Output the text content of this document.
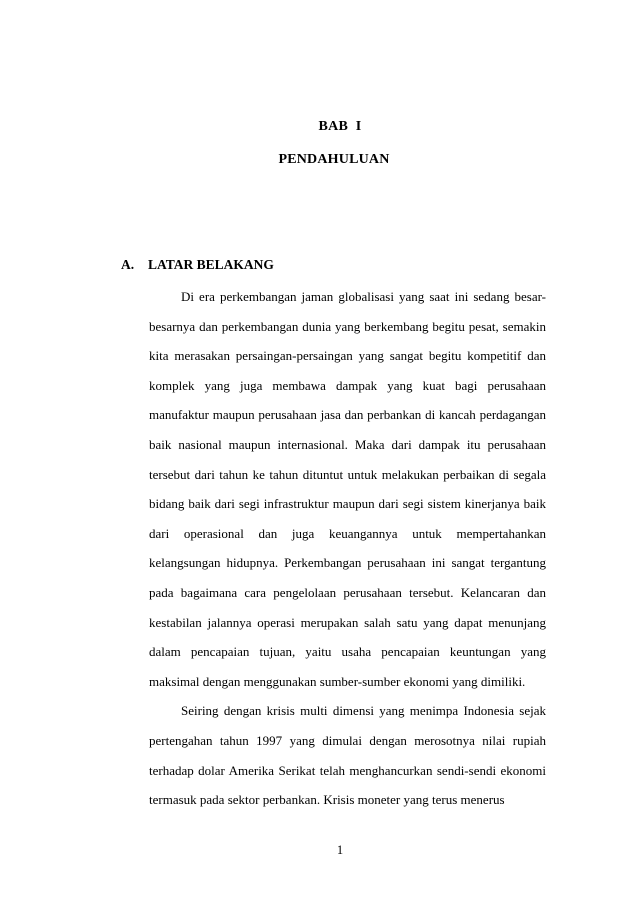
BAB  I
PENDAHULUAN
A. LATAR BELAKANG

Di era perkembangan jaman globalisasi yang saat ini sedang besar-besarnya dan perkembangan dunia yang berkembang begitu pesat, semakin kita merasakan persaingan-persaingan yang sangat begitu kompetitif dan komplek yang juga membawa dampak yang kuat bagi perusahaan manufaktur maupun perusahaan jasa dan perbankan di kancah perdagangan baik nasional maupun internasional. Maka dari dampak itu perusahaan tersebut dari tahun ke tahun dituntut untuk melakukan perbaikan di segala bidang baik dari segi infrastruktur maupun dari segi sistem kinerjanya baik dari operasional dan juga keuangannya untuk mempertahankan kelangsungan hidupnya. Perkembangan perusahaan ini sangat tergantung pada bagaimana cara pengelolaan perusahaan tersebut. Kelancaran dan kestabilan jalannya operasi merupakan salah satu yang dapat menunjang dalam pencapaian tujuan, yaitu usaha pencapaian keuntungan yang maksimal dengan menggunakan sumber-sumber ekonomi yang dimiliki.

Seiring dengan krisis multi dimensi yang menimpa Indonesia sejak pertengahan tahun 1997 yang dimulai dengan merosotnya nilai rupiah terhadap dolar Amerika Serikat telah menghancurkan sendi-sendi ekonomi termasuk pada sektor perbankan. Krisis moneter yang terus menerus

1
